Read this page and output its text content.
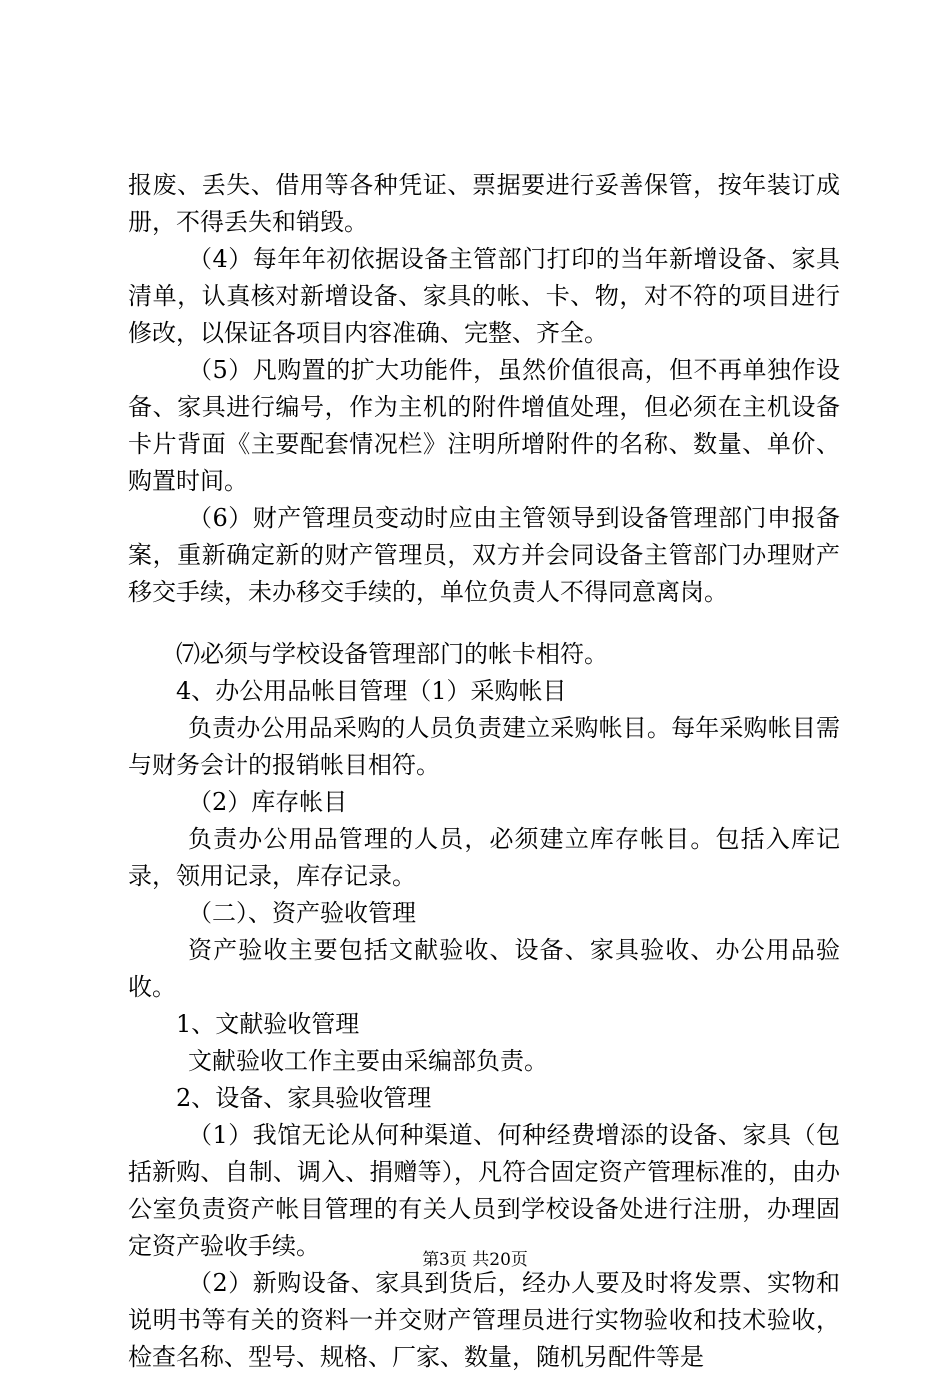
报废、丢失、借用等各种凭证、票据要进行妥善保管，按年装订成册，不得丢失和销毁。

（4）每年年初依据设备主管部门打印的当年新增设备、家具清单，认真核对新增设备、家具的帐、卡、物，对不符的项目进行修改，以保证各项目内容准确、完整、齐全。

（5）凡购置的扩大功能件，虽然价值很高，但不再单独作设备、家具进行编号，作为主机的附件增值处理，但必须在主机设备卡片背面《主要配套情况栏》注明所增附件的名称、数量、单价、购置时间。

（6）财产管理员变动时应由主管领导到设备管理部门申报备案，重新确定新的财产管理员，双方并会同设备主管部门办理财产移交手续，未办移交手续的，单位负责人不得同意离岗。

⑺必须与学校设备管理部门的帐卡相符。

4、办公用品帐目管理（1）采购帐目

负责办公用品采购的人员负责建立采购帐目。每年采购帐目需与财务会计的报销帐目相符。

（2）库存帐目

负责办公用品管理的人员，必须建立库存帐目。包括入库记录，领用记录，库存记录。

（二）、资产验收管理

资产验收主要包括文献验收、设备、家具验收、办公用品验收。

1、文献验收管理

文献验收工作主要由采编部负责。

2、设备、家具验收管理

（1）我馆无论从何种渠道、何种经费增添的设备、家具（包括新购、自制、调入、捐赠等），凡符合固定资产管理标准的，由办公室负责资产帐目管理的有关人员到学校设备处进行注册，办理固定资产验收手续。

（2）新购设备、家具到货后，经办人要及时将发票、实物和说明书等有关的资料一并交财产管理员进行实物验收和技术验收，检查名称、型号、规格、厂家、数量，随机另配件等是

第3页 共20页
